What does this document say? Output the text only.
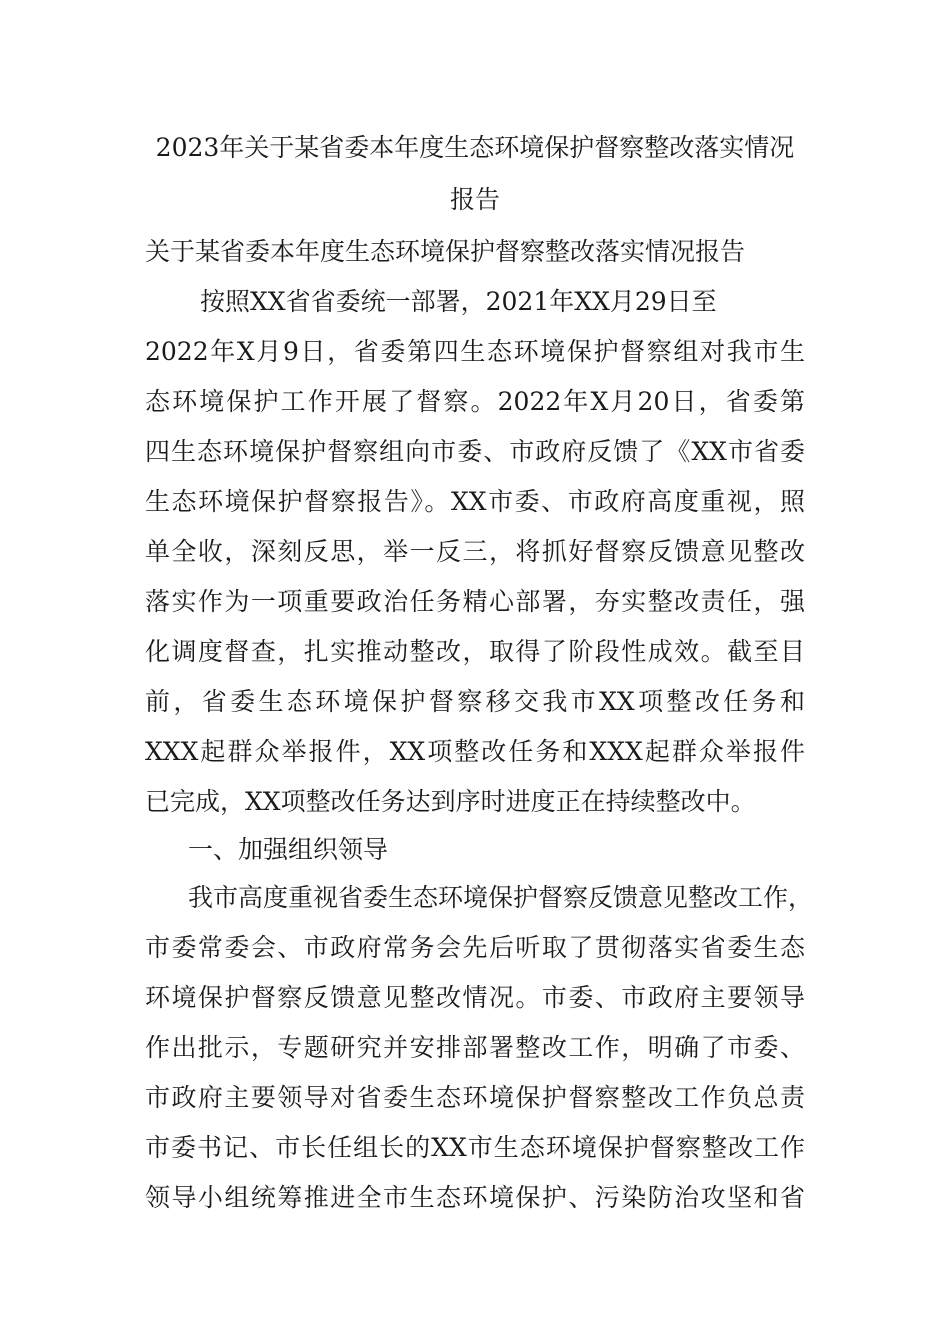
2023年关于某省委本年度生态环境保护督察整改落实情况
报告
关于某省委本年度生态环境保护督察整改落实情况报告
按照XX省省委统一部署，2021年XX月29日至
2022年X月9日，省委第四生态环境保护督察组对我市生
态环境保护工作开展了督察。2022年X月20日，省委第
四生态环境保护督察组向市委、市政府反馈了《XX市省委
生态环境保护督察报告》。XX市委、市政府高度重视，照
单全收，深刻反思，举一反三，将抓好督察反馈意见整改
落实作为一项重要政治任务精心部署，夯实整改责任，强
化调度督查，扎实推动整改，取得了阶段性成效。截至目
前，省委生态环境保护督察移交我市XX项整改任务和
XXX起群众举报件，XX项整改任务和XXX起群众举报件
已完成，XX项整改任务达到序时进度正在持续整改中。
一、加强组织领导
我市高度重视省委生态环境保护督察反馈意见整改工作，
市委常委会、市政府常务会先后听取了贯彻落实省委生态
环境保护督察反馈意见整改情况。市委、市政府主要领导
作出批示，专题研究并安排部署整改工作，明确了市委、
市政府主要领导对省委生态环境保护督察整改工作负总责
市委书记、市长任组长的XX市生态环境保护督察整改工作
领导小组统筹推进全市生态环境保护、污染防治攻坚和省
